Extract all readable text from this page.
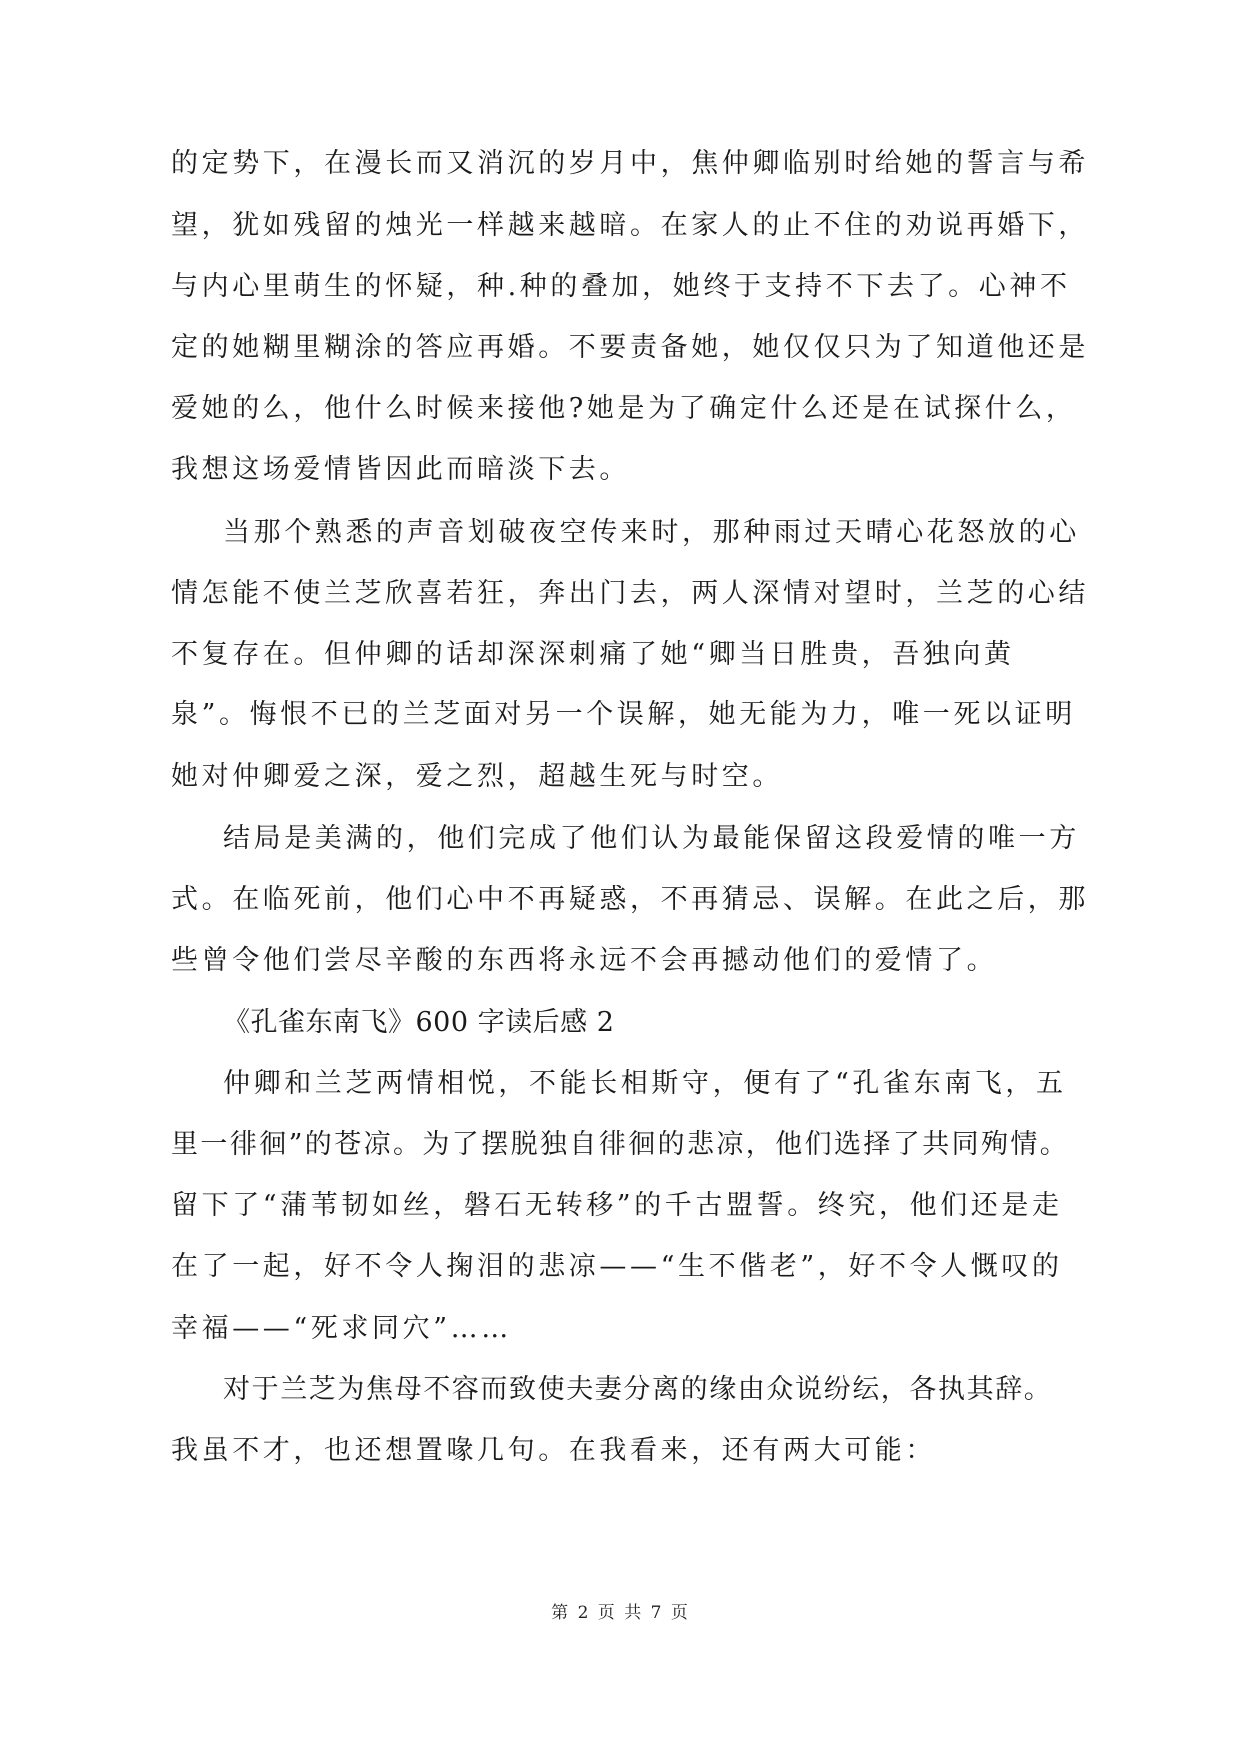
的定势下，在漫长而又消沉的岁月中，焦仲卿临别时给她的誓言与希

望，犹如残留的烛光一样越来越暗。在家人的止不住的劝说再婚下，

与内心里萌生的怀疑，种.种的叠加，她终于支持不下去了。心神不

定的她糊里糊涂的答应再婚。不要责备她，她仅仅只为了知道他还是

爱她的么，他什么时候来接他?她是为了确定什么还是在试探什么，

我想这场爱情皆因此而暗淡下去。

当那个熟悉的声音划破夜空传来时，那种雨过天晴心花怒放的心

情怎能不使兰芝欣喜若狂，奔出门去，两人深情对望时，兰芝的心结

不复存在。但仲卿的话却深深刺痛了她“卿当日胜贵，吾独向黄

泉”。悔恨不已的兰芝面对另一个误解，她无能为力，唯一死以证明

她对仲卿爱之深，爱之烈，超越生死与时空。

结局是美满的，他们完成了他们认为最能保留这段爱情的唯一方

式。在临死前，他们心中不再疑惑，不再猜忌、误解。在此之后，那

些曾令他们尝尽辛酸的东西将永远不会再撼动他们的爱情了。

《孔雀东南飞》600 字读后感 2

仲卿和兰芝两情相悦，不能长相斯守，便有了“孔雀东南飞，五

里一徘徊”的苍凉。为了摆脱独自徘徊的悲凉，他们选择了共同殉情。

留下了“蒲苇韧如丝，磐石无转移”的千古盟誓。终究，他们还是走

在了一起，好不令人掬泪的悲凉——“生不偕老”，好不令人慨叹的

幸福——“死求同穴”……

对于兰芝为焦母不容而致使夫妻分离的缘由众说纷纭，各执其辞。

我虽不才，也还想置喙几句。在我看来，还有两大可能：

第 2 页 共 7 页
